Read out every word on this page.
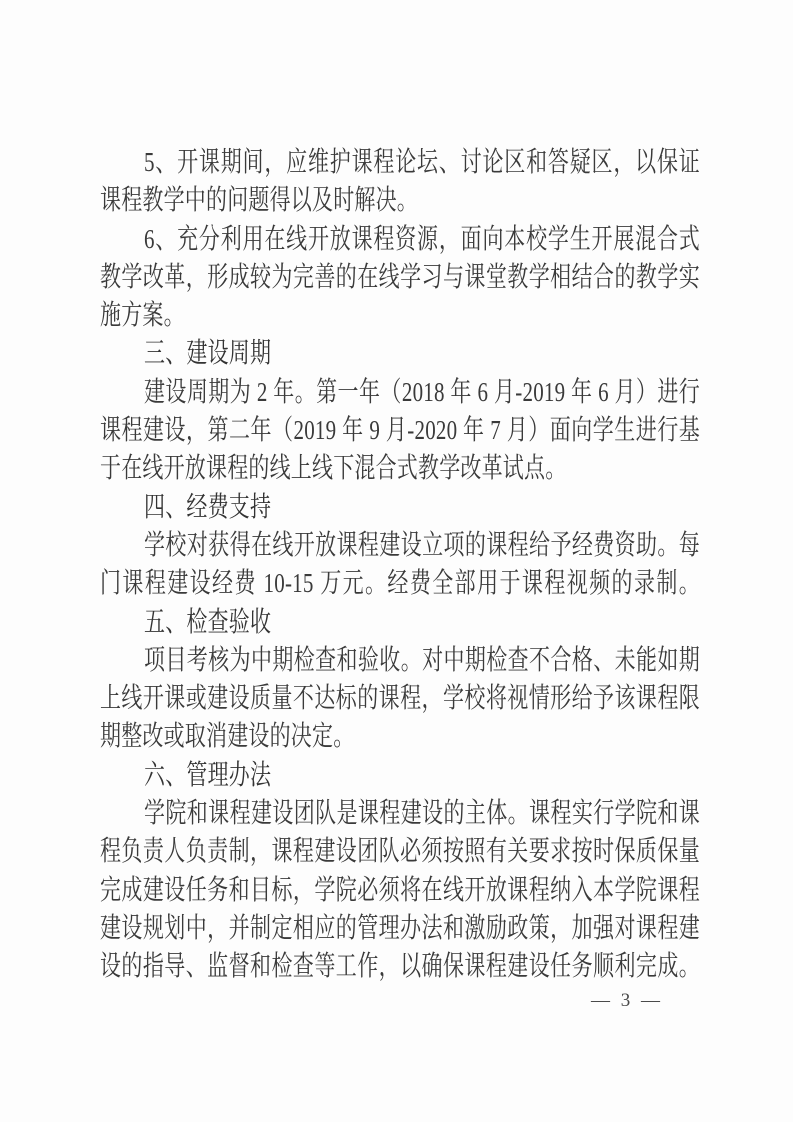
5、开课期间，应维护课程论坛、讨论区和答疑区，以保证
课程教学中的问题得以及时解决。
6、充分利用在线开放课程资源，面向本校学生开展混合式
教学改革，形成较为完善的在线学习与课堂教学相结合的教学实
施方案。
三、建设周期
建设周期为 2 年。第一年（2018 年 6 月-2019 年 6 月）进行
课程建设，第二年（2019 年 9 月-2020 年 7 月）面向学生进行基
于在线开放课程的线上线下混合式教学改革试点。
四、经费支持
学校对获得在线开放课程建设立项的课程给予经费资助。每
门课程建设经费 10-15 万元。经费全部用于课程视频的录制。
五、检查验收
项目考核为中期检查和验收。对中期检查不合格、未能如期
上线开课或建设质量不达标的课程，学校将视情形给予该课程限
期整改或取消建设的决定。
六、管理办法
学院和课程建设团队是课程建设的主体。课程实行学院和课
程负责人负责制，课程建设团队必须按照有关要求按时保质保量
完成建设任务和目标，学院必须将在线开放课程纳入本学院课程
建设规划中，并制定相应的管理办法和激励政策，加强对课程建
设的指导、监督和检查等工作，以确保课程建设任务顺利完成。
— 3 —
